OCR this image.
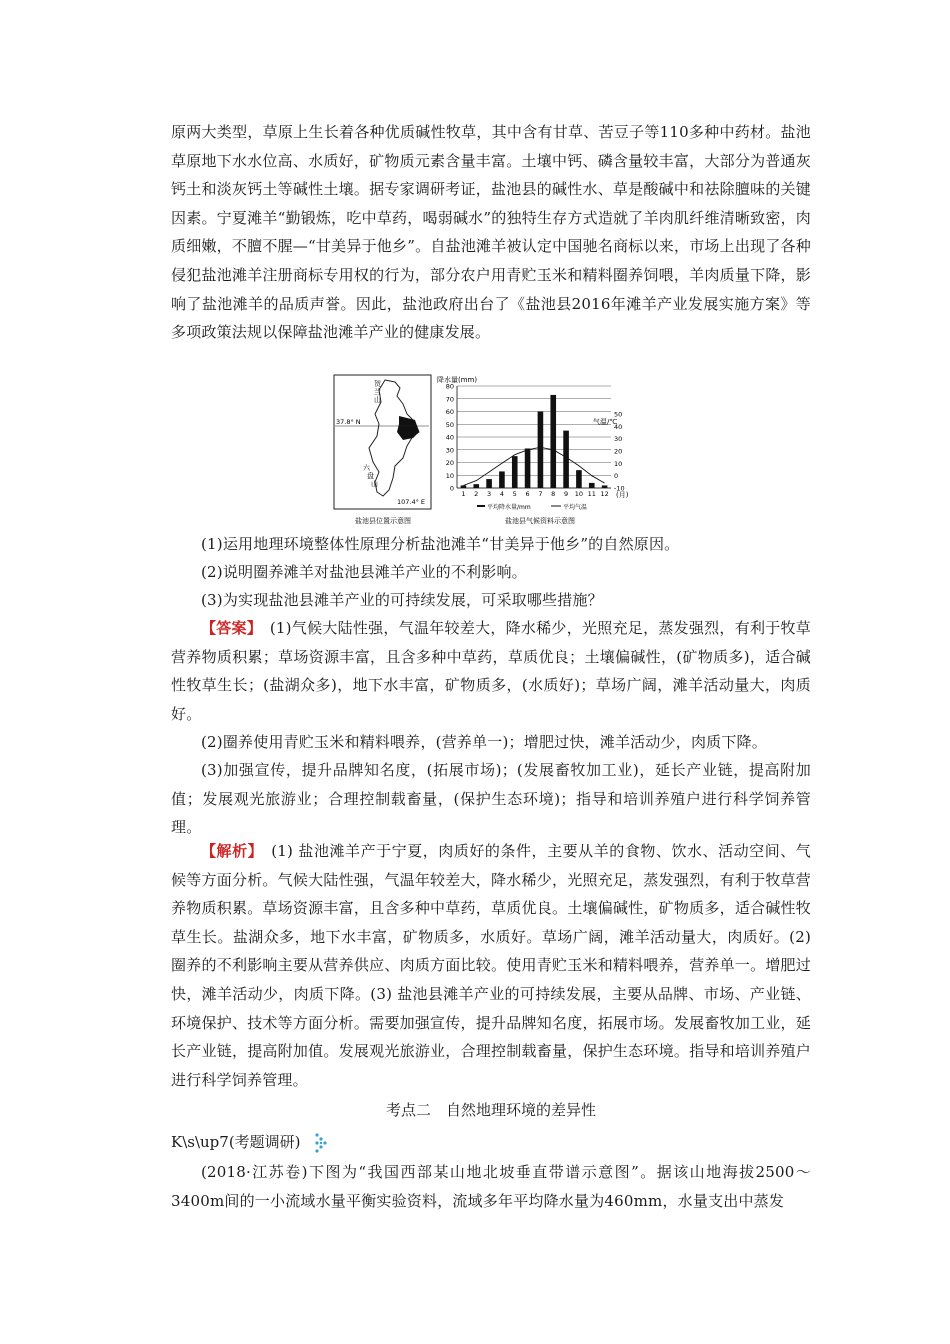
原两大类型，草原上生长着各种优质碱性牧草，其中含有甘草、苦豆子等110多种中药材。盐池草原地下水水位高、水质好，矿物质元素含量丰富。土壤中钙、磷含量较丰富，大部分为普通灰钙土和淡灰钙土等碱性土壤。据专家调研考证，盐池县的碱性水、草是酸碱中和祛除膻味的关键因素。宁夏滩羊“勤锻炼，吃中草药，喝弱碱水”的独特生存方式造就了羊肉肌纤维清晰致密，肉质细嫩，不膻不腥—“甘美异于他乡”。自盐池滩羊被认定中国驰名商标以来，市场上出现了各种侵犯盐池滩羊注册商标专用权的行为，部分农户用青贮玉米和精料圈养饲喂，羊肉质量下降，影响了盐池滩羊的品质声誉。因此，盐池政府出台了《盐池县2016年滩羊产业发展实施方案》等多项政策法规以保障盐池滩羊产业的健康发展。

贺
兰
山
37.8° N
六
盘
山
107.4° E
盐池县位置示意图
降水量(mm)
气温/℃
(月)
盐池县气候资料示意图
0
10
20
30
40
50
60
70
80
-10
0
10
20
30
40
50
1 2 3 4 5 6 7 8 9 10 11 12
平均降水量/mm	平均气温

(1)运用地理环境整体性原理分析盐池滩羊“甘美异于他乡”的自然原因。

(2)说明圈养滩羊对盐池县滩羊产业的不利影响。

(3)为实现盐池县滩羊产业的可持续发展，可采取哪些措施？

【答案】　 (1)气候大陆性强，气温年较差大，降水稀少，光照充足，蒸发强烈，有利于牧草营养物质积累；草场资源丰富，且含多种中草药，草质优良；土壤偏碱性，(矿物质多)，适合碱性牧草生长；(盐湖众多)，地下水丰富，矿物质多，(水质好)；草场广阔，滩羊活动量大，肉质好。

(2)圈养使用青贮玉米和精料喂养，(营养单一)；增肥过快，滩羊活动少，肉质下降。

(3)加强宣传，提升品牌知名度，(拓展市场)；(发展畜牧加工业)，延长产业链，提高附加值；发展观光旅游业；合理控制载畜量，(保护生态环境)；指导和培训养殖户进行科学饲养管理。

【解析】　 (1) 盐池滩羊产于宁夏，肉质好的条件，主要从羊的食物、饮水、活动空间、气候等方面分析。气候大陆性强，气温年较差大，降水稀少，光照充足，蒸发强烈，有利于牧草营养物质积累。草场资源丰富，且含多种中草药，草质优良。土壤偏碱性，矿物质多，适合碱性牧草生长。盐湖众多，地下水丰富，矿物质多，水质好。草场广阔，滩羊活动量大，肉质好。(2)圈养的不利影响主要从营养供应、肉质方面比较。使用青贮玉米和精料喂养，营养单一。增肥过快，滩羊活动少，肉质下降。(3) 盐池县滩羊产业的可持续发展，主要从品牌、市场、产业链、环境保护、技术等方面分析。需要加强宣传，提升品牌知名度，拓展市场。发展畜牧加工业，延长产业链，提高附加值。发展观光旅游业，合理控制载畜量，保护生态环境。指导和培训养殖户进行科学饲养管理。

考点二　自然地理环境的差异性
K\s\up7(考题调研)

(2018·江苏卷)下图为“我国西部某山地北坡垂直带谱示意图”。据该山地海拔2500～3400m间的一小流域水量平衡实验资料，流域多年平均降水量为460mm，水量支出中蒸发
